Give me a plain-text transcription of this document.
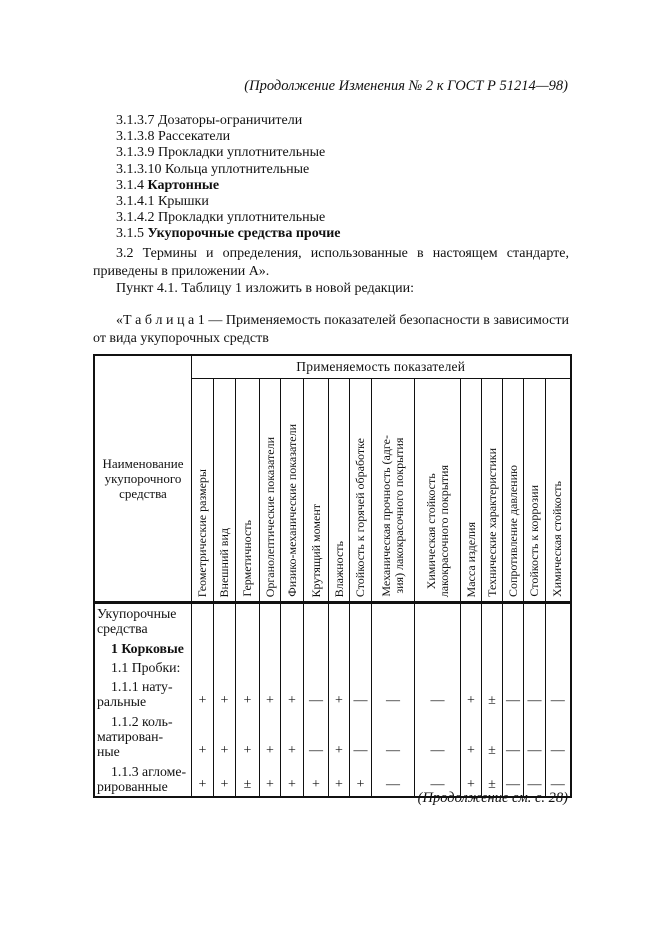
(Продолжение Изменения № 2 к ГОСТ Р 51214—98)
3.1.3.7 Дозаторы-ограничители
3.1.3.8 Рассекатели
3.1.3.9 Прокладки уплотнительные
3.1.3.10 Кольца уплотнительные
3.1.4 Картонные
3.1.4.1 Крышки
3.1.4.2 Прокладки уплотнительные
3.1.5 Укупорочные средства прочие

3.2 Термины и определения, использованные в настоящем стандарте, приведены в приложении А».

Пункт 4.1. Таблицу 1 изложить в новой редакции:

«Т а б л и ц а 1 — Применяемость показателей безопасности в зависимости от вида укупорочных средств

Наименование укупорочного средства	Применяемость показателей														

	Геометрические размеры	Внешний вид	Герметичность	Органолептические показатели	Физико-механические показатели	Крутящий момент	Влажность	Стойкость к горячей обработке	Механическая прочность (адге-
зия) лакокрасочного покрытия	Химическая стойкость
лакокрасочного покрытия	Масса изделия	Технические характеристики	Сопротивление давлению	Стойкость к коррозии	Химическая стойкость

Укупорочные
средства															

1 Корковые															

1.1 Пробки:															

1.1.1 нату-
ральные	+	+	+	+	+	—	+	—	—	—	+	±	—	—	—

1.1.2 коль-
матирован-
ные	+	+	+	+	+	—	+	—	—	—	+	±	—	—	—

1.1.3 агломе-
рированные	+	+	±	+	+	+	+	+	—	—	+	±	—	—	—
(Продолжение см. с. 28)
